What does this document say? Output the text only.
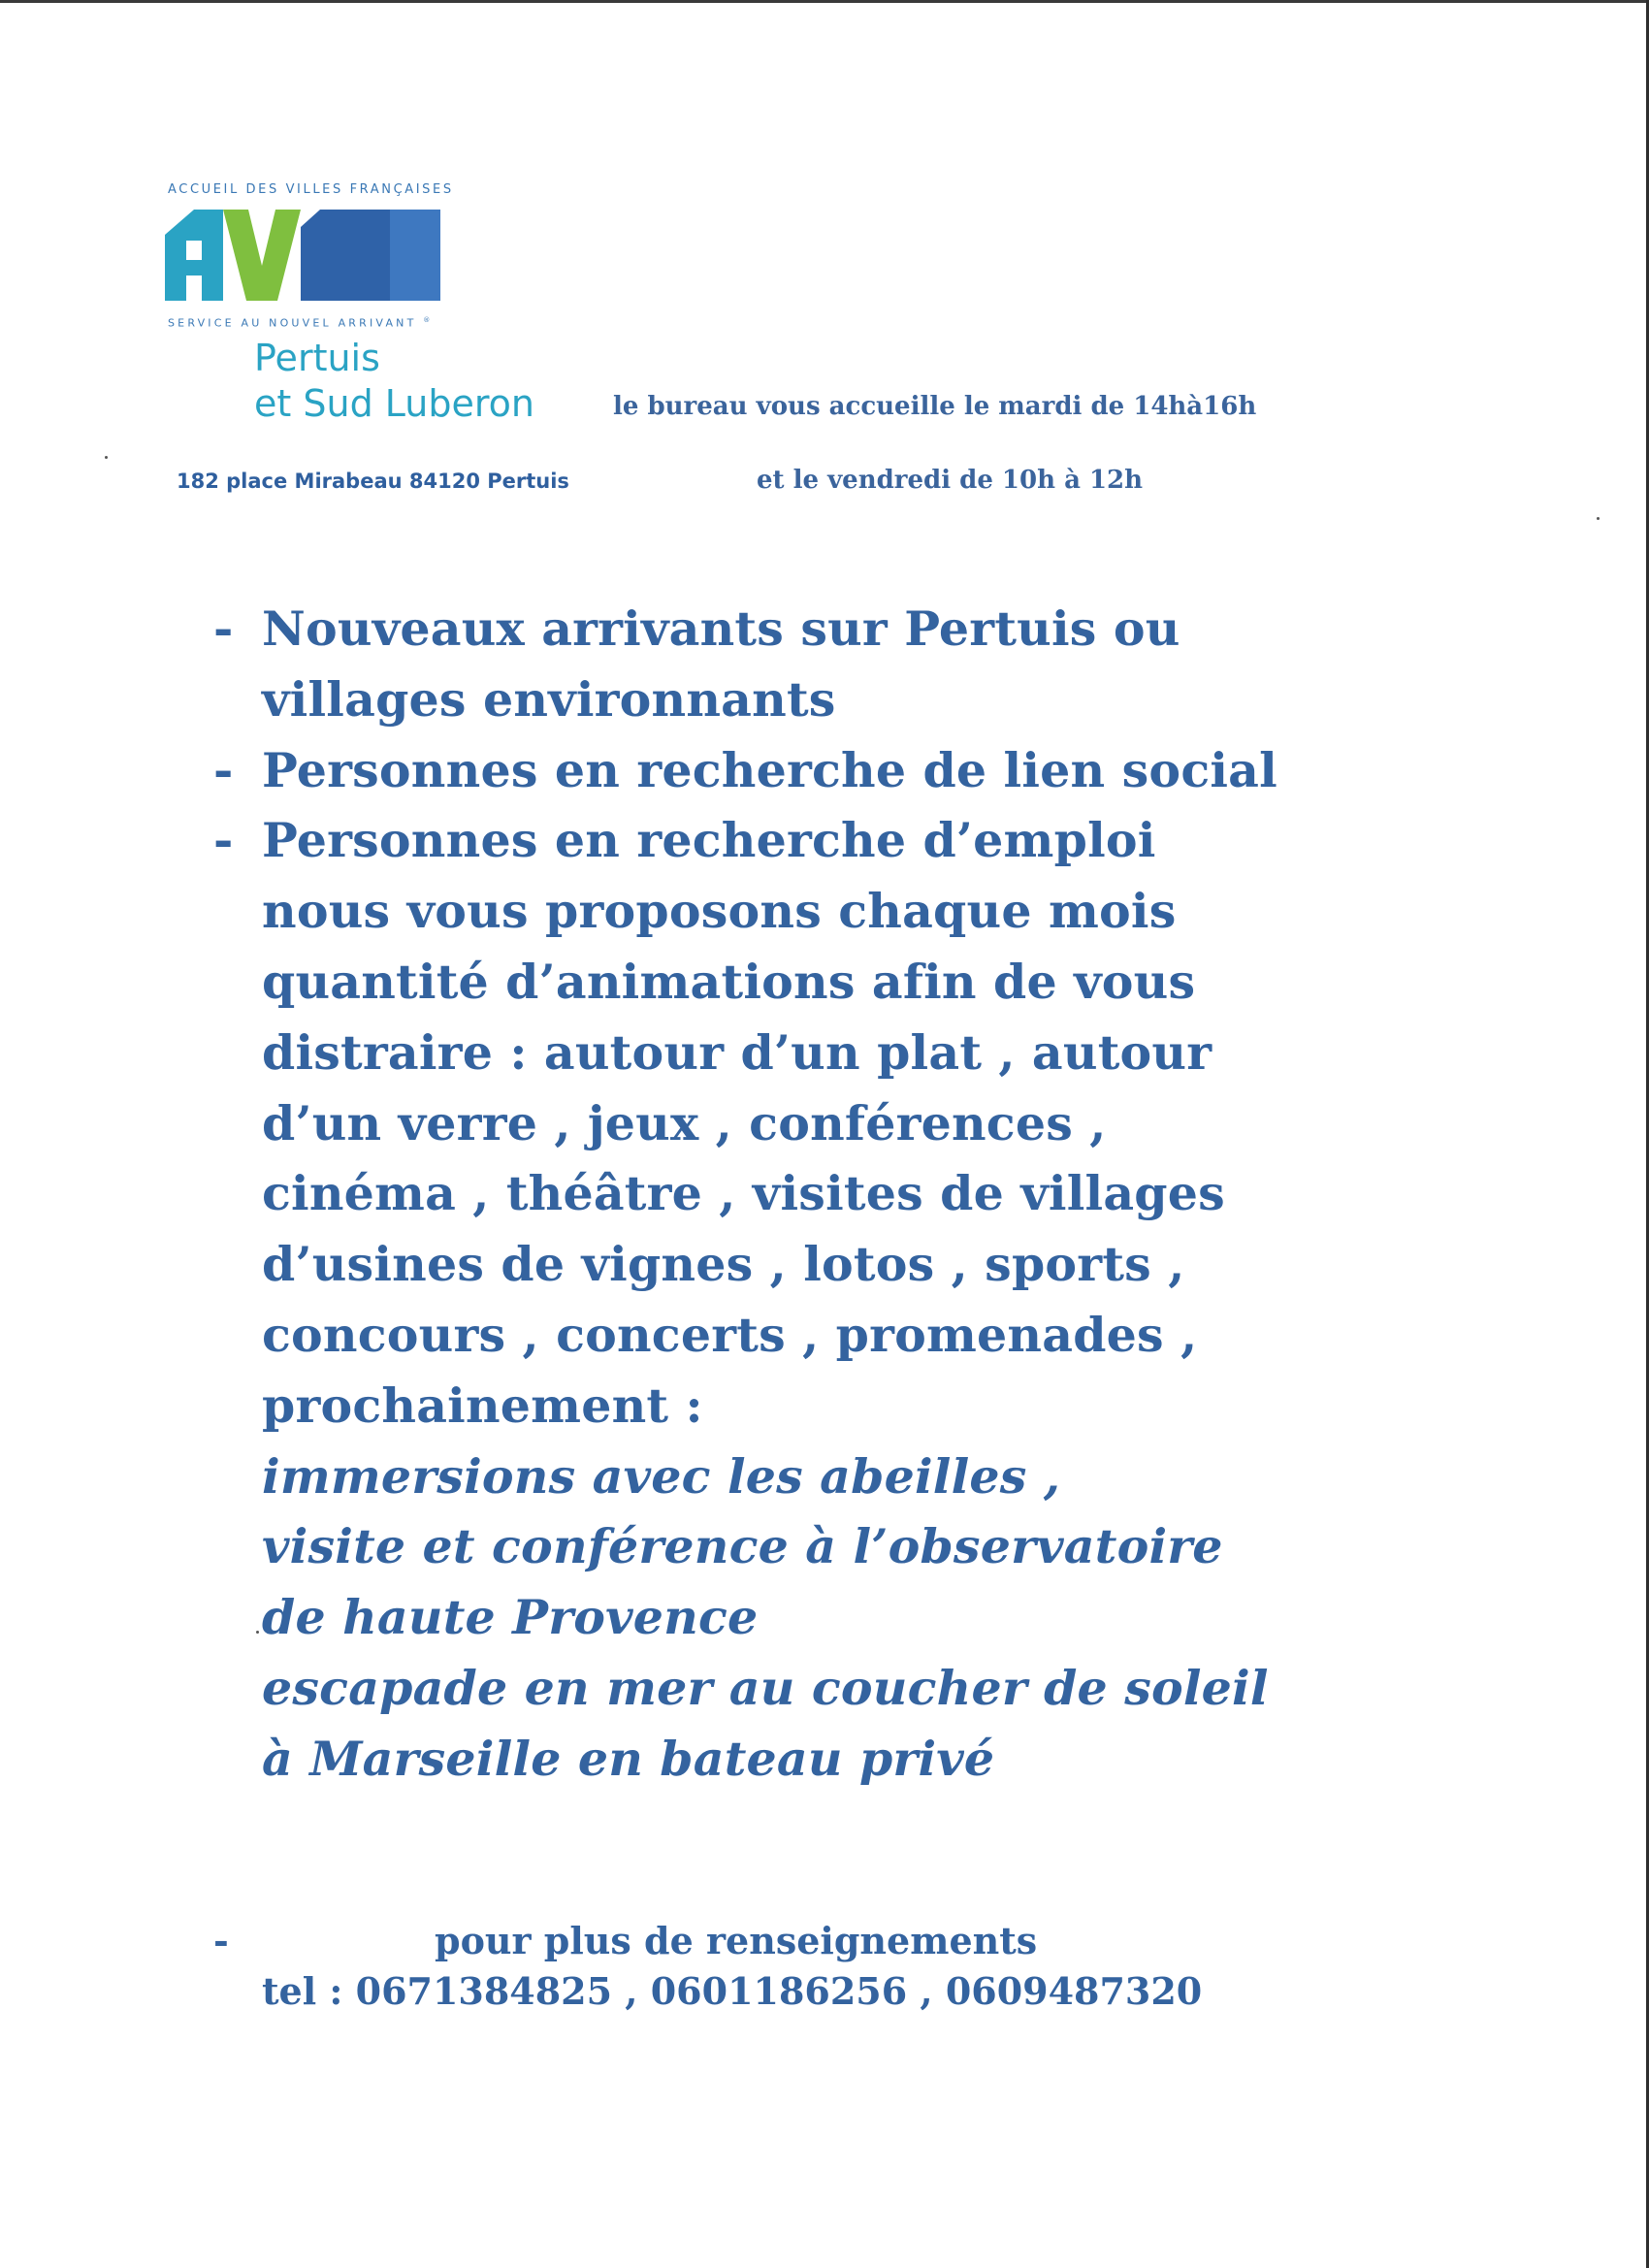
ACCUEIL DES VILLES FRANÇAISES
AVF
SERVICE AU NOUVEL ARRIVANT ®
Pertuis
et Sud Luberon
182 place Mirabeau 84120 Pertuis
le bureau vous accueille le mardi de 14hà16h
et le vendredi de 10h à 12h
- Nouveaux arrivants sur Pertuis ou
villages environnants
- Personnes en recherche de lien social
- Personnes en recherche d’emploi
nous vous proposons chaque mois
quantité d’animations afin de vous
distraire : autour d’un plat , autour
d’un verre , jeux , conférences ,
cinéma , théâtre , visites de villages
d’usines de vignes , lotos , sports ,
concours , concerts , promenades ,
prochainement :
immersions avec les abeilles ,
visite et conférence à l’observatoire
de haute Provence
escapade en mer au coucher de soleil
à Marseille en bateau privé
-	pour plus de renseignements
tel : 0671384825 , 0601186256 , 0609487320
